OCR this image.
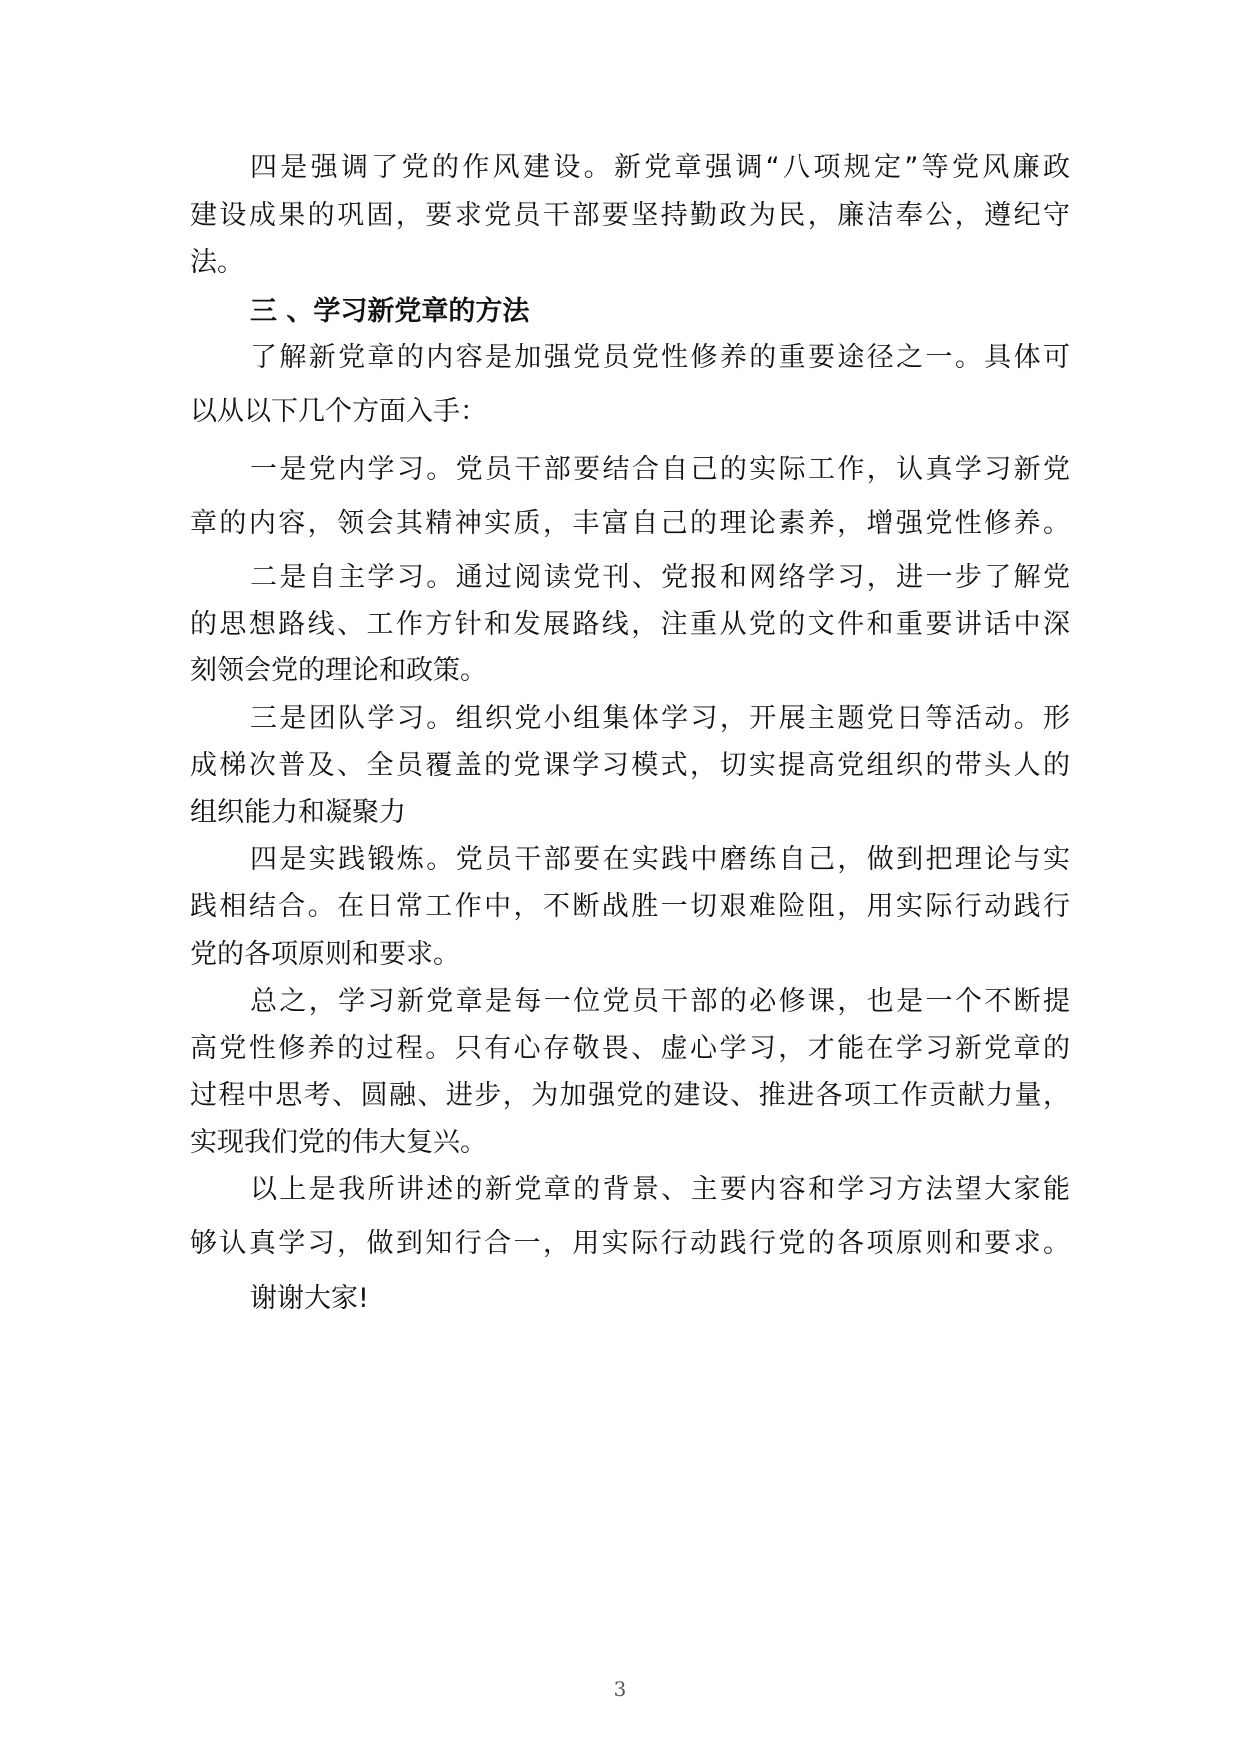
四是强调了党的作风建设。新党章强调“八项规定”等党风廉政
建设成果的巩固，要求党员干部要坚持勤政为民，廉洁奉公，遵纪守
法。
三 、学习新党章的方法
了解新党章的内容是加强党员党性修养的重要途径之一。具体可
以从以下几个方面入手：
一是党内学习。党员干部要结合自己的实际工作，认真学习新党
章的内容，领会其精神实质，丰富自己的理论素养，增强党性修养。
二是自主学习。通过阅读党刊、党报和网络学习，进一步了解党
的思想路线、工作方针和发展路线，注重从党的文件和重要讲话中深
刻领会党的理论和政策。
三是团队学习。组织党小组集体学习，开展主题党日等活动。形
成梯次普及、全员覆盖的党课学习模式，切实提高党组织的带头人的
组织能力和凝聚力
四是实践锻炼。党员干部要在实践中磨练自己，做到把理论与实
践相结合。在日常工作中，不断战胜一切艰难险阻，用实际行动践行
党的各项原则和要求。
总之，学习新党章是每一位党员干部的必修课，也是一个不断提
高党性修养的过程。只有心存敬畏、虚心学习，才能在学习新党章的
过程中思考、圆融、进步，为加强党的建设、推进各项工作贡献力量，
实现我们党的伟大复兴。
以上是我所讲述的新党章的背景、主要内容和学习方法望大家能
够认真学习，做到知行合一，用实际行动践行党的各项原则和要求。
谢谢大家!
3
